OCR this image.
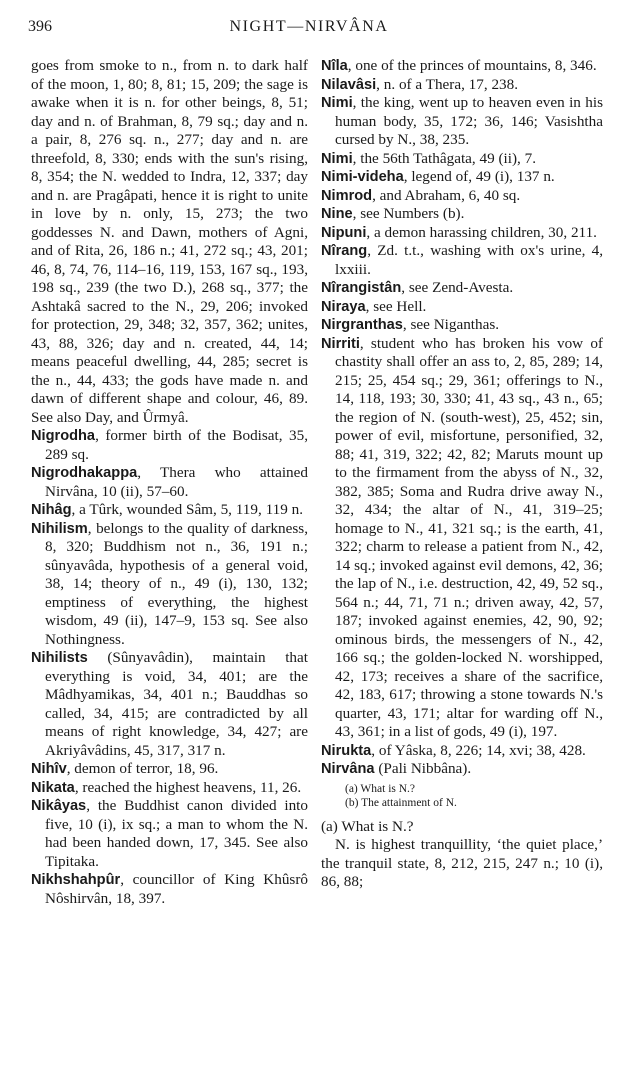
396	NIGHT—NIRVÂNA

goes from smoke to n., from n. to dark half of the moon, 1, 80; 8, 81; 15, 209; the sage is awake when it is n. for other beings, 8, 51; day and n. of Brahman, 8, 79 sq.; day and n. a pair, 8, 276 sq. n., 277; day and n. are threefold, 8, 330; ends with the sun's rising, 8, 354; the N. wedded to Indra, 12, 337; day and n. are Pragâpati, hence it is right to unite in love by n. only, 15, 273; the two goddesses N. and Dawn, mothers of Agni, and of Rita, 26, 186 n.; 41, 272 sq.; 43, 201; 46, 8, 74, 76, 114–16, 119, 153, 167 sq., 193, 198 sq., 239 (the two D.), 268 sq., 377; the Ashtakâ sacred to the N., 29, 206; invoked for protection, 29, 348; 32, 357, 362; unites, 43, 88, 326; day and n. created, 44, 14; means peaceful dwelling, 44, 285; secret is the n., 44, 433; the gods have made n. and dawn of different shape and colour, 46, 89. See also Day, and Ûrmyâ.

Nigrodha, former birth of the Bodisat, 35, 289 sq.

Nigrodhakappa, Thera who attained Nirvâna, 10 (ii), 57–60.

Nihâg, a Tûrk, wounded Sâm, 5, 119, 119 n.

Nihilism, belongs to the quality of darkness, 8, 320; Buddhism not n., 36, 191 n.; sûnyavâda, hypothesis of a general void, 38, 14; theory of n., 49 (i), 130, 132; emptiness of everything, the highest wisdom, 49 (ii), 147–9, 153 sq. See also Nothingness.

Nihilists (Sûnyavâdin), maintain that everything is void, 34, 401; are the Mâdhyamikas, 34, 401 n.; Bauddhas so called, 34, 415; are contradicted by all means of right knowledge, 34, 427; are Akriyâvâdins, 45, 317, 317 n.

Nihîv, demon of terror, 18, 96.

Nikata, reached the highest heavens, 11, 26.

Nikâyas, the Buddhist canon divided into five, 10 (i), ix sq.; a man to whom the N. had been handed down, 17, 345. See also Tipitaka.

Nikhshahpûr, councillor of King Khûsrô Nôshirvân, 18, 397.

Nîla, one of the princes of mountains, 8, 346.

Nilavâsi, n. of a Thera, 17, 238.

Nimi, the king, went up to heaven even in his human body, 35, 172; 36, 146; Vasishtha cursed by N., 38, 235.

Nimi, the 56th Tathâgata, 49 (ii), 7.

Nimi-videha, legend of, 49 (i), 137 n.

Nimrod, and Abraham, 6, 40 sq.

Nine, see Numbers (b).

Nipuni, a demon harassing children, 30, 211.

Nîrang, Zd. t.t., washing with ox's urine, 4, lxxiii.

Nîrangistân, see Zend-Avesta.

Niraya, see Hell.

Nirgranthas, see Niganthas.

Nirriti, student who has broken his vow of chastity shall offer an ass to, 2, 85, 289; 14, 215; 25, 454 sq.; 29, 361; offerings to N., 14, 118, 193; 30, 330; 41, 43 sq., 43 n., 65; the region of N. (south-west), 25, 452; sin, power of evil, misfortune, personified, 32, 88; 41, 319, 322; 42, 82; Maruts mount up to the firmament from the abyss of N., 32, 382, 385; Soma and Rudra drive away N., 32, 434; the altar of N., 41, 319–25; homage to N., 41, 321 sq.; is the earth, 41, 322; charm to release a patient from N., 42, 14 sq.; invoked against evil demons, 42, 36; the lap of N., i.e. destruction, 42, 49, 52 sq., 564 n.; 44, 71, 71 n.; driven away, 42, 57, 187; invoked against enemies, 42, 90, 92; ominous birds, the messengers of N., 42, 166 sq.; the golden-locked N. worshipped, 42, 173; receives a share of the sacrifice, 42, 183, 617; throwing a stone towards N.'s quarter, 43, 171; altar for warding off N., 43, 361; in a list of gods, 49 (i), 197.

Nirukta, of Yâska, 8, 226; 14, xvi; 38, 428.

Nirvâna (Pali Nibbâna).

(a) What is N.?
(b) The attainment of N.

(a) What is N.?

N. is highest tranquillity, ‘the quiet place,’ the tranquil state, 8, 212, 215, 247 n.; 10 (i), 86, 88;
